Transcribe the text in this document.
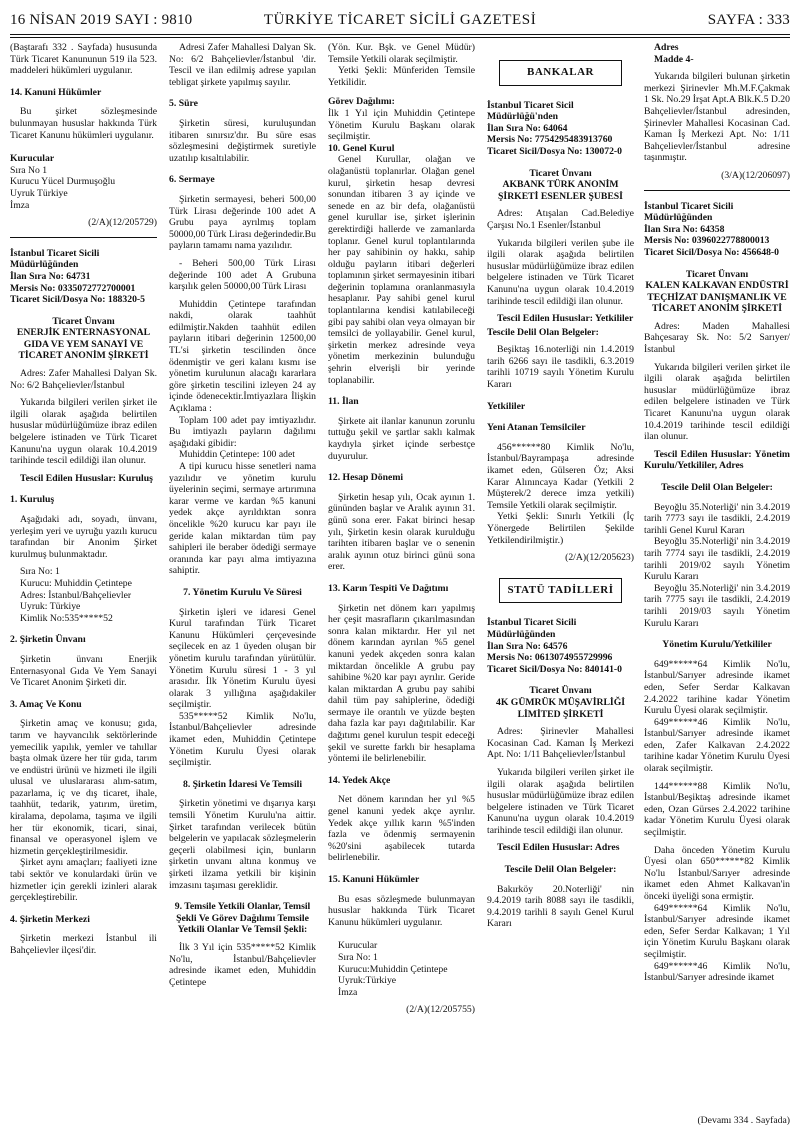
16 NİSAN 2019 SAYI : 9810	TÜRKİYE TİCARET SİCİLİ GAZETESİ	SAYFA : 333

(Baştarafı 332 . Sayfada) hususunda Türk Ticaret Kanununun 519 ila 523. maddeleri hükümleri uygulanır.

14. Kanuni Hükümler

Bu şirket sözleşmesinde bulunmayan hususlar hakkında Türk Ticaret Kanunu hükümleri uygulanır.

Kurucular
Sıra No 1
Kurucu Yücel Durmuşoğlu
Uyruk Türkiye
İmza

(2/A)(12/205729)

İstanbul Ticaret Sicili Müdürlüğünden
İlan Sıra No: 64731
Mersis No: 0335072772700001
Ticaret Sicil/Dosya No: 188320-5
Ticaret Ünvanı
ENERJİK ENTERNASYONAL GIDA VE YEM SANAYİ VE TİCARET ANONİM ŞİRKETİ

Adres: Zafer Mahallesi Dalyan Sk. No: 6/2 Bahçelievler/İstanbul

Yukarıda bilgileri verilen şirket ile ilgili olarak aşağıda belirtilen hususlar müdürlüğümüze ibraz edilen belgelere istinaden ve Türk Ticaret Kanunu'na uygun olarak 10.4.2019 tarihinde tescil edildiği ilan olunur.

Tescil Edilen Hususlar: Kuruluş

1. Kuruluş

Aşağıdaki adı, soyadı, ünvanı, yerleşim yeri ve uyruğu yazılı kurucu tarafından bir Anonim Şirket kurulmuş bulunmaktadır.

Sıra No: 1
Kurucu: Muhiddin Çetintepe
Adres: İstanbul/Bahçelievler
Uyruk: Türkiye
Kimlik No:535*****52
2. Şirketin Ünvanı

Şirketin ünvanı Enerjik Enternasyonal Gıda Ve Yem Sanayi Ve Ticaret Anonim Şirketi dir.

3. Amaç Ve Konu

Şirketin amaç ve konusu; gıda, tarım ve hayvancılık sektörlerinde yemecilik yapılık, yemler ve tahıllar başta olmak üzere her tür gıda, tarım ve endüstri ürünü ve hizmeti ile ilgili ulusal ve uluslararası alım-satım, pazarlama, iç ve dış ticaret, ihale, taahhüt, tedarik, yatırım, üretim, kiralama, depolama, taşıma ve ilgili her tür ekonomik, ticari, sinai, finansal ve operasyonel işlem ve hizmetin gerçekleştirilmesidir.

Şirket aynı amaçları; faaliyeti izne tabi sektör ve konulardaki ürün ve hizmetler için gerekli izinleri alarak gerçekleştirebilir.

4. Şirketin Merkezi

Şirketin merkezi İstanbul ili Bahçelievler ilçesi'dir.

Adresi Zafer Mahallesi Dalyan Sk. No: 6/2 Bahçelievler/İstanbul 'dir. Tescil ve ilan edilmiş adrese yapılan tebligat şirkete yapılmış sayılır.

5. Süre

Şirketin süresi, kuruluşundan itibaren sınırsız'dır. Bu süre esas sözleşmesini değiştirmek suretiyle uzatılıp kısaltılabilir.

6. Sermaye

Şirketin sermayesi, beheri 500,00 Türk Lirası değerinde 100 adet A Grubu paya ayrılmış toplam 50000,00 Türk Lirası değerindedir.Bu payların tamamı nama yazılıdır.

- Beheri 500,00 Türk Lirası değerinde 100 adet A Grubuna karşılık gelen 50000,00 Türk Lirası

Muhiddin Çetintepe tarafından nakdi, olarak taahhüt edilmiştir.Nakden taahhüt edilen payların itibari değerinin 12500,00 TL'si şirketin tescilinden önce ödenmiştir ve geri kalanı kısmı ise yönetim kurulunun alacağı kararlara göre şirketin tescilini izleyen 24 ay içinde ödenecektir.İmtiyazlara İlişkin Açıklama :

Toplam 100 adet pay imtiyazlıdır. Bu imtiyazlı payların dağılımı aşağıdaki gibidir:

Muhiddin Çetintepe: 100 adet

A tipi kurucu hisse senetleri nama yazılıdır ve yönetim kurulu üyelerinin seçimi, sermaye artırımına karar verme ve kardan %5 kanuni yedek akçe ayrıldıktan sonra öncelikle %20 kurucu kar payı ile geride kalan miktardan tüm pay sahipleri ile beraber ödediği sermaye oranında kar payı alma imtiyazına sahiptir.

7. Yönetim Kurulu Ve Süresi

Şirketin işleri ve idaresi Genel Kurul tarafından Türk Ticaret Kanunu Hükümleri çerçevesinde seçilecek en az 1 üyeden oluşan bir yönetim kurulu tarafından yürütülür. Yönetim Kurulu süresi 1 - 3 yıl arasıdır. İlk Yönetim Kurulu üyesi olarak 3 yıllığına aşağıdakiler seçilmiştir.

535*****52 Kimlik No'lu, İstanbul/Bahçelievler adresinde ikamet eden, Muhiddin Çetintepe Yönetim Kurulu Üyesi olarak seçilmiştir.

8. Şirketin İdaresi Ve Temsili

Şirketin yönetimi ve dışarıya karşı temsili Yönetim Kurulu'na aittir. Şirket tarafından verilecek bütün belgelerin ve yapılacak sözleşmelerin geçerli olabilmesi için, bunların şirketin unvanı altına konmuş ve şirketi ilzama yetkili bir kişinin imzasını taşıması gereklidir.

9. Temsile Yetkili Olanlar, Temsil Şekli Ve Görev Dağılımı Temsile Yetkili Olanlar Ve Temsil Şekli:

İlk 3 Yıl için 535*****52 Kimlik No'lu, İstanbul/Bahçelievler adresinde ikamet eden, Muhiddin Çetintepe

(Yön. Kur. Bşk. ve Genel Müdür) Temsile Yetkili olarak seçilmiştir.

Yetki Şekli: Münferiden Temsile Yetkilidir.

Görev Dağılımı:

İlk 1 Yıl için Muhiddin Çetintepe Yönetim Kurulu Başkanı olarak seçilmiştir.

10. Genel Kurul

Genel Kurullar, olağan ve olağanüstü toplanırlar. Olağan genel kurul, şirketin hesap devresi sonundan itibaren 3 ay içinde ve senede en az bir defa, olağanüstü genel kurullar ise, şirket işlerinin gerektirdiği hallerde ve zamanlarda toplanır. Genel kurul toplantılarında her pay sahibinin oy hakkı, sahip olduğu payların itibari değerleri toplamının şirket sermayesinin itibari değerinin toplamına oranlanmasıyla hesaplanır. Pay sahibi genel kurul toplantılarına kendisi katılabileceği gibi pay sahibi olan veya olmayan bir temsilci de yollayabilir. Genel kurul, şirketin merkez adresinde veya yönetim merkezinin bulunduğu şehrin elverişli bir yerinde toplanabilir.

11. İlan

Şirkete ait ilanlar kanunun zorunlu tuttuğu şekil ve şartlar saklı kalmak kaydıyla şirket içinde serbestçe duyurulur.

12. Hesap Dönemi

Şirketin hesap yılı, Ocak ayının 1. gününden başlar ve Aralık ayının 31. günü sona erer. Fakat birinci hesap yılı, Şirketin kesin olarak kurulduğu tarihten itibaren başlar ve o senenin aralık ayının otuz birinci günü sona erer.

13. Karın Tespiti Ve Dağıtımı

Şirketin net dönem karı yapılmış her çeşit masrafların çıkarılmasından sonra kalan miktardır. Her yıl net dönem karından ayrılan %5 genel kanuni yedek akçeden sonra kalan miktardan öncelikle A grubu pay sahibine %20 kar payı ayrılır. Geride kalan miktardan A grubu pay sahibi dahil tüm pay sahiplerine, ödediği sermaye ile orantılı ve yüzde beşten daha fazla kar payı dağıtılabilir. Kar dağıtımı genel kurulun tespit edeceği şekil ve surette farklı bir hesaplama yöntemi ile belirlenebilir.

14. Yedek Akçe

Net dönem karından her yıl %5 genel kanuni yedek akçe ayrılır. Yedek akçe yıllık karın %5'inden fazla ve ödenmiş sermayenin %20'sini aşabilecek tutarda belirlenebilir.

15. Kanuni Hükümler

Bu esas sözleşmede bulunmayan hususlar hakkında Türk Ticaret Kanunu hükümleri uygulanır.

Kurucular
Sıra No: 1
Kurucu:Muhiddin Çetintepe
Uyruk:Türkiye
İmza

(2/A)(12/205755)

BANKALAR
İstanbul Ticaret Sicil Müdürlüğü'nden
İlan Sıra No: 64064
Mersis No: 7754295483913760
Ticaret Sicil/Dosya No: 130072-0
Ticaret Ünvanı
AKBANK TÜRK ANONİM ŞİRKETİ ESENLER ŞUBESİ

Adres: Atışalan Cad.Belediye Çarşısı No.1 Esenler/İstanbul

Yukarıda bilgileri verilen şube ile ilgili olarak aşağıda belirtilen hususlar müdürlüğümüze ibraz edilen belgelere istinaden ve Türk Ticaret Kanunu'na uygun olarak 10.4.2019 tarihinde tescil edildiği ilan olunur.

Tescil Edilen Hususlar: Yetkililer

Tescile Delil Olan Belgeler:

Beşiktaş 16.noterliği nin 1.4.2019 tarih 6266 sayı ile tasdikli, 6.3.2019 tarihli 10719 sayılı Yönetim Kurulu Kararı

Yetkililer
Yeni Atanan Temsilciler

456******80 Kimlik No'lu, İstanbul/Bayrampaşa adresinde ikamet eden, Gülseren Öz; Aksi Karar Alınıncaya Kadar (Yetkili 2 Müşterek/2 derece imza yetkili) Temsile Yetkili olarak seçilmiştir.

Yetki Şekli: Sınırlı Yetkili (İç Yönergede Belirtilen Şekilde Yetkilendirilmiştir.)

(2/A)(12/205623)

STATÜ TADİLLERİ
İstanbul Ticaret Sicili Müdürlüğünden
İlan Sıra No: 64576
Mersis No: 0613074955729996
Ticaret Sicil/Dosya No: 840141-0
Ticaret Ünvanı
4K GÜMRÜK MÜŞAVİRLİĞİ LİMİTED ŞİRKETİ

Adres: Şirinevler Mahallesi Kocasinan Cad. Kaman İş Merkezi Apt. No: 1/11 Bahçelievler/İstanbul

Yukarıda bilgileri verilen şirket ile ilgili olarak aşağıda belirtilen hususlar müdürlüğümüze ibraz edilen belgelere istinaden ve Türk Ticaret Kanunu'na uygun olarak 10.4.2019 tarihinde tescil edildiği ilan olunur.

Tescil Edilen Hususlar: Adres

Tescile Delil Olan Belgeler:

Bakırköy 20.Noterliği' nin 9.4.2019 tarih 8088 sayı ile tasdikli, 9.4.2019 tarihli 8 sayılı Genel Kurul Kararı

Adres
Madde 4-

Yukarıda bilgileri bulunan şirketin merkezi Şirinevler Mh.M.F.Çakmak 1 Sk. No.29 İrşat Apt.A Blk.K.5 D.20 Bahçelievler/İstanbul adresinden, Şirinevler Mahallesi Kocasinan Cad. Kaman İş Merkezi Apt. No: 1/11 Bahçelievler/İstanbul adresine taşınmıştır.

(3/A)(12/206097)

İstanbul Ticaret Sicili Müdürlüğünden
İlan Sıra No: 64358
Mersis No: 0396022778800013
Ticaret Sicil/Dosya No: 456648-0
Ticaret Ünvanı
KALEN KALKAVAN ENDÜSTRİ TEÇHİZAT DANIŞMANLIK VE TİCARET ANONİM ŞİRKETİ

Adres: Maden Mahallesi Bahçesaray Sk. No: 5/2 Sarıyer/İstanbul

Yukarıda bilgileri verilen şirket ile ilgili olarak aşağıda belirtilen hususlar müdürlüğümüze ibraz edilen belgelere istinaden ve Türk Ticaret Kanunu'na uygun olarak 10.4.2019 tarihinde tescil edildiği ilan olunur.

Tescil Edilen Hususlar: Yönetim Kurulu/Yetkililer, Adres

Tescile Delil Olan Belgeler:

Beyoğlu 35.Noterliği' nin 3.4.2019 tarih 7773 sayı ile tasdikli, 2.4.2019 tarihli Genel Kurul Kararı

Beyoğlu 35.Noterliği' nin 3.4.2019 tarih 7774 sayı ile tasdikli, 2.4.2019 tarihli 2019/02 sayılı Yönetim Kurulu Kararı

Beyoğlu 35.Noterliği' nin 3.4.2019 tarih 7775 sayı ile tasdikli, 2.4.2019 tarihli 2019/03 sayılı Yönetim Kurulu Kararı

Yönetim Kurulu/Yetkililer

649******64 Kimlik No'lu, İstanbul/Sarıyer adresinde ikamet eden, Sefer Serdar Kalkavan 2.4.2022 tarihine kadar Yönetim Kurulu Üyesi olarak seçilmiştir.

649******46 Kimlik No'lu, İstanbul/Sarıyer adresinde ikamet eden, Zafer Kalkavan 2.4.2022 tarihine kadar Yönetim Kurulu Üyesi olarak seçilmiştir.

144******88 Kimlik No'lu, İstanbul/Beşiktaş adresinde ikamet eden, Ozan Gürses 2.4.2022 tarihine kadar Yönetim Kurulu Üyesi olarak seçilmiştir.

Daha önceden Yönetim Kurulu Üyesi olan 650******82 Kimlik No'lu İstanbul/Sarıyer adresinde ikamet eden Ahmet Kalkavan'in önceki üyeliği sona ermiştir.

649******64 Kimlik No'lu, İstanbul/Sarıyer adresinde ikamet eden, Sefer Serdar Kalkavan; 1 Yıl için Yönetim Kurulu Başkanı olarak seçilmiştir.

649******46 Kimlik No'lu, İstanbul/Sarıyer adresinde ikamet

(Devamı 334 . Sayfada)
